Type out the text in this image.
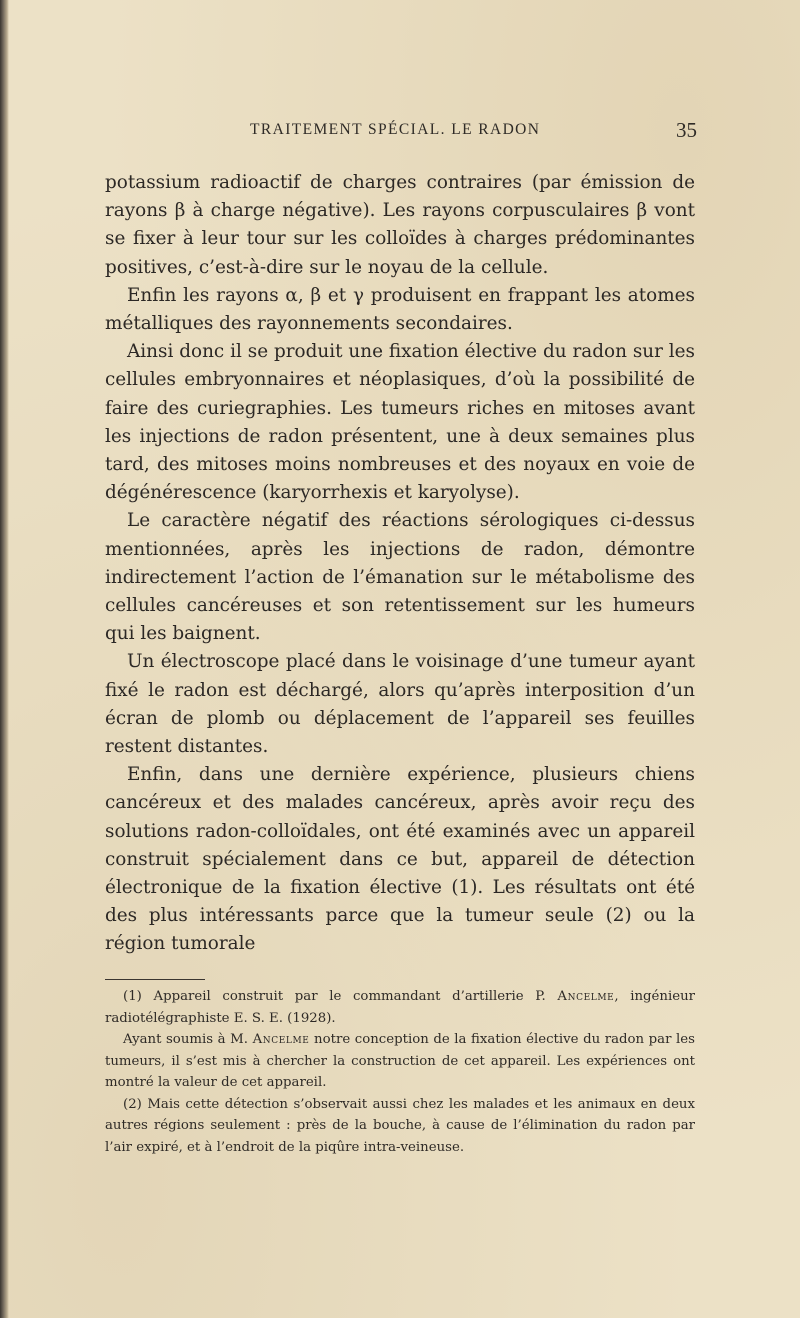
TRAITEMENT SPÉCIAL. LE RADON	35

potassium radioactif de charges contraires (par émission de rayons β à charge négative). Les rayons corpusculaires β vont se fixer à leur tour sur les colloïdes à charges prédominantes positives, c’est-à-dire sur le noyau de la cellule.

Enfin les rayons α, β et γ produisent en frappant les atomes métalliques des rayonnements secondaires.

Ainsi donc il se produit une fixation élective du radon sur les cellules embryonnaires et néoplasiques, d’où la possibilité de faire des curiegraphies. Les tumeurs riches en mitoses avant les injections de radon présentent, une à deux semaines plus tard, des mitoses moins nombreuses et des noyaux en voie de dégénérescence (karyorrhexis et karyolyse).

Le caractère négatif des réactions sérologiques ci-dessus mentionnées, après les injections de radon, démontre indirectement l’action de l’émanation sur le métabolisme des cellules cancéreuses et son retentissement sur les humeurs qui les baignent.

Un électroscope placé dans le voisinage d’une tumeur ayant fixé le radon est déchargé, alors qu’après interposition d’un écran de plomb ou déplacement de l’appareil ses feuilles restent distantes.

Enfin, dans une dernière expérience, plusieurs chiens cancéreux et des malades cancéreux, après avoir reçu des solutions radon-colloïdales, ont été examinés avec un appareil construit spécialement dans ce but, appareil de détection électronique de la fixation élective (1). Les résultats ont été des plus intéressants parce que la tumeur seule (2) ou la région tumorale

(1) Appareil construit par le commandant d’artillerie P. Ancelme, ingénieur radiotélégraphiste E. S. E. (1928).

Ayant soumis à M. Ancelme notre conception de la fixation élective du radon par les tumeurs, il s’est mis à chercher la construction de cet appareil. Les expériences ont montré la valeur de cet appareil.

(2) Mais cette détection s’observait aussi chez les malades et les animaux en deux autres régions seulement : près de la bouche, à cause de l’élimination du radon par l’air expiré, et à l’endroit de la piqûre intra-veineuse.
